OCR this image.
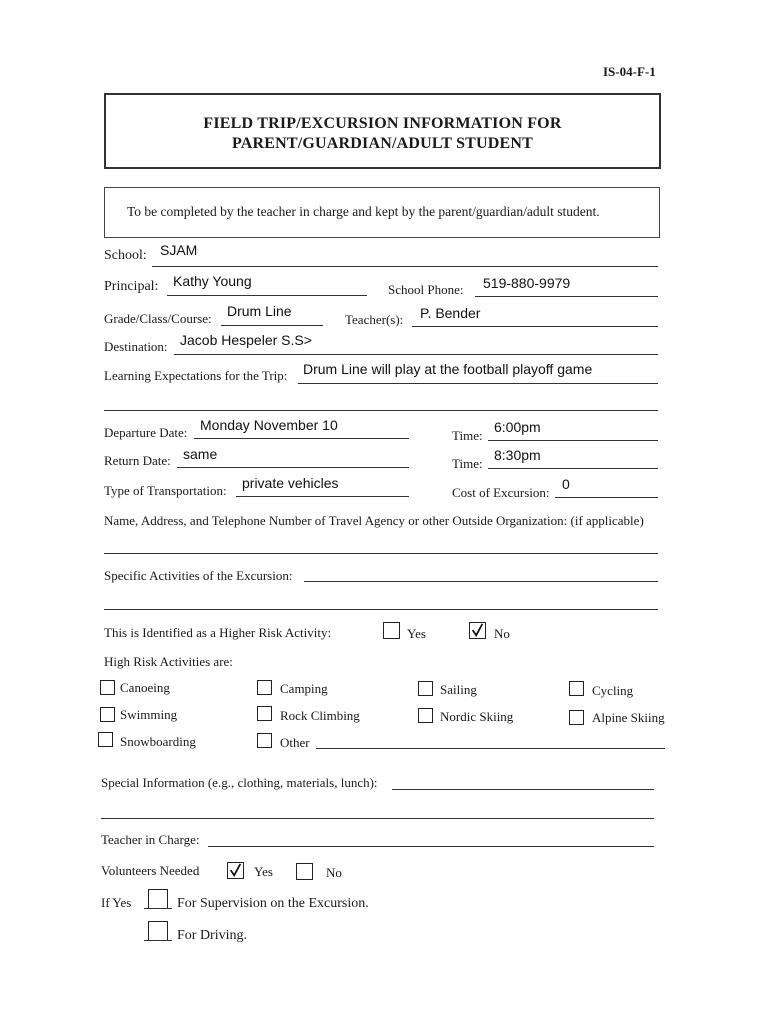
IS-04-F-1
FIELD TRIP/EXCURSION INFORMATION FOR
PARENT/GUARDIAN/ADULT STUDENT
To be completed by the teacher in charge and kept by the parent/guardian/adult student.
School: SJAM
Principal: Kathy Young
School Phone: 519-880-9979
Grade/Class/Course: Drum Line
Teacher(s): P. Bender
Destination: Jacob Hespeler S.S>
Learning Expectations for the Trip: Drum Line will play at the football playoff game
Departure Date: Monday November 10
Time:
6:00pm
Return Date: same
Time:
8:30pm
Type of Transportation: private vehicles
Cost of Excursion:
0
Name, Address, and Telephone Number of Travel Agency or other Outside Organization: (if applicable)
Specific Activities of the Excursion:
This is Identified as a Higher Risk Activity:	Yes	No
High Risk Activities are:
Canoeing	Camping	Sailing	Cycling
Swimming	Rock Climbing	Nordic Skiing	Alpine Skiing
Snowboarding	Other
Special Information (e.g., clothing, materials, lunch):
Teacher in Charge:
Volunteers Needed	Yes	No
If Yes	For Supervision on the Excursion.
For Driving.
